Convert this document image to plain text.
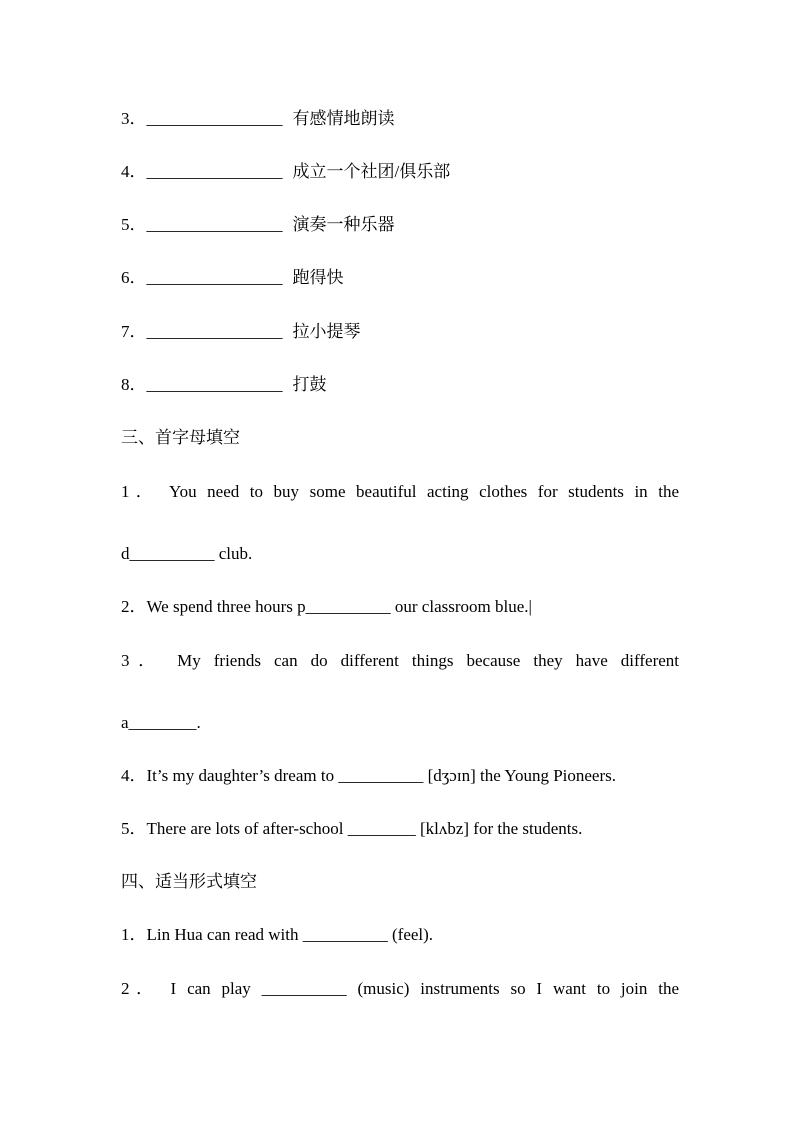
3．________________ 有感情地朗读
4．________________ 成立一个社团/俱乐部
5．________________ 演奏一种乐器
6．________________ 跑得快
7．________________ 拉小提琴
8．________________ 打鼓
三、首字母填空
1． You need to buy some beautiful acting clothes for students in the
d__________ club.
2．We spend three hours p__________ our classroom blue.|
3． My friends can do different things because they have different
a________.
4．It’s my daughter’s dream to __________ [dʒɔɪn] the Young Pioneers.
5．There are lots of after-school ________ [klʌbz] for the students.
四、适当形式填空
1．Lin Hua can read with __________ (feel).
2． I can play __________ (music) instruments so I want to join the
